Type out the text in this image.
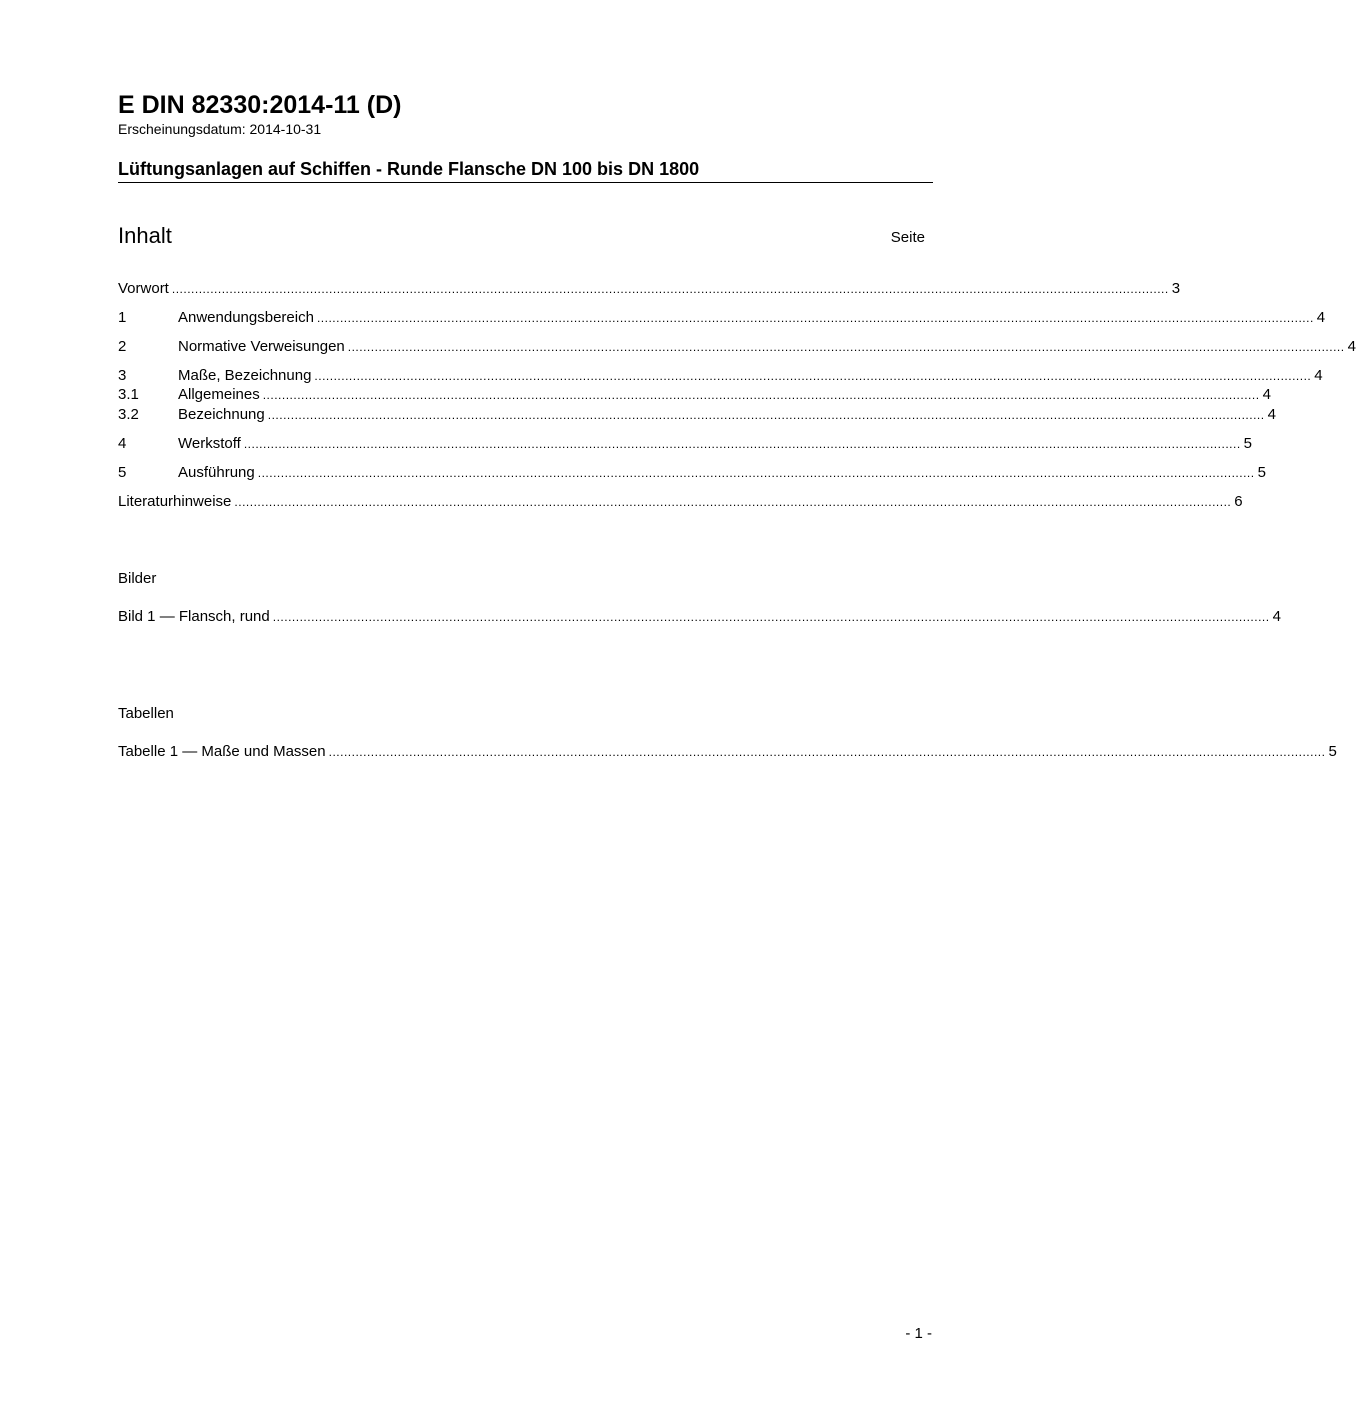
E DIN 82330:2014-11 (D)
Erscheinungsdatum: 2014-10-31
Lüftungsanlagen auf Schiffen - Runde Flansche DN 100 bis DN 1800
Inhalt	Seite
Vorwort .................................................................................................................................................................................................................................................................... 3
1	Anwendungsbereich .................................................................................................................................................................................................................................................................... 4
2	Normative Verweisungen .................................................................................................................................................................................................................................................................... 4
3	Maße, Bezeichnung .................................................................................................................................................................................................................................................................... 4
3.1	Allgemeines .................................................................................................................................................................................................................................................................... 4
3.2	Bezeichnung .................................................................................................................................................................................................................................................................... 4
4	Werkstoff .................................................................................................................................................................................................................................................................... 5
5	Ausführung .................................................................................................................................................................................................................................................................... 5
Literaturhinweise .................................................................................................................................................................................................................................................................... 6
Bilder
Bild 1 — Flansch, rund .................................................................................................................................................................................................................................................................... 4
Tabellen
Tabelle 1 — Maße und Massen .................................................................................................................................................................................................................................................................... 5
- 1 -
